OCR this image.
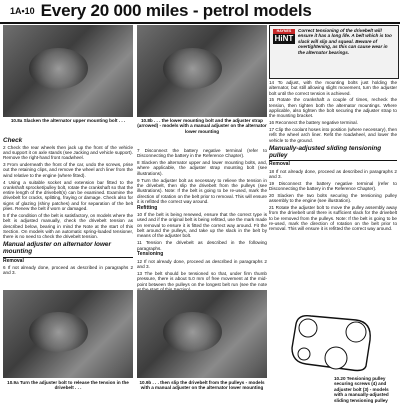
1A•10 Every 20 000 miles - petrol models
10.8a Slacken the alternator upper mounting bolt . . .	10.8b . . . the lower mounting bolt and the adjuster strap (arrowed) - models with a manual adjuster on the alternator lower mounting
HAYNES
HiNT
Correct tensioning of the drivebelt will ensure it has a long life. A belt which is too slack will slip and squeal. Beware of overtightening, as this can cause wear in the alternator bearings.
Check

2 Check the rear wheels then jack up the front of the vehicle and support it on axle stands (see Jacking and vehicle support). Remove the right-hand front roadwheel.

3 From underneath the front of the car, undo the screws, prise out the retaining clips, and remove the wheel arch liner from the wind relative to the engine (where fitted).

4 Using a suitable socket and extension bar fitted to the crankshaft sprocket/pulley bolt, rotate the crankshaft so that the entire length of the drivebelt(s) can be examined. Examine the drivebelt for cracks, splitting, fraying or damage. Check also for signs of glazing (shiny patches) and for separation of the belt plies. Renew the belt if worn or damaged.

5 If the condition of the belt is satisfactory, on models where the belt is adjusted manually, check the drivebelt tension as described below, bearing in mind the Note at the start of this Section. On models with an automatic spring-loaded tensioner, there is no need to check the drivebelt tension.

Manual adjuster on alternator lower mounting
Removal

6 If not already done, proceed as described in paragraphs 2 and 3.

7 Disconnect the battery negative terminal (refer to Disconnecting the battery in the Reference Chapter).

8 Slacken the alternator upper and lower mounting bolts, and, where applicable, the adjuster strap mounting bolt (see illustrations).

9 Turn the adjuster bolt as necessary to relieve the tension in the drivebelt, then slip the drivebelt from the pulleys (see illustrations). Note: If the belt is going to be re-used, mark the direction of rotation on the belt prior to removal. This will ensure it is refitted the correct way around.

Refitting

10 If the belt is being renewed, ensure that the correct type is used and if the original belt is being refitted, use the mark made on removal to ensure it is fitted the correct way around. Fit the belt around the pulleys, and take up the slack in the belt by means of the adjuster bolt.

11 Tension the drivebelt as described in the following paragraphs.

Tensioning

12 If not already done, proceed as described in paragraphs 2 and 3.

13 The belt should be tensioned so that, under firm thumb pressure, there is about 5.0 mm of free movement at the mid-point between the pulleys on the longest belt run (see the note

14 To adjust, with the mounting bolts just holding the alternator, but still allowing slight movement, turn the adjuster bolt until the correct tension is achieved.

15 Rotate the crankshaft a couple of times, recheck the tension, then tighten both the alternator mountings. Where applicable, also tighten the bolt securing the adjuster strap to the mounting bracket.

16 Reconnect the battery negative terminal.

17 Clip the coolant hoses into position (where necessary), then refit the wheel arch liner. Refit the roadwheel, and lower the vehicle to the ground.

Manually-adjusted sliding tensioning pulley
Removal

18 If not already done, proceed as described in paragraphs 2 and 3.

19 Disconnect the battery negative terminal (refer to Disconnecting the battery in the Reference Chapter).

20 Slacken the two bolts securing the tensioning pulley assembly to the engine (see illustration).

21 Rotate the adjuster bolt to move the pulley assembly away from the drivebelt until there is sufficient slack for the drivebelt to be removed from the pulleys. Note: If the belt is going to be re-used, mark the direction of rotation on the belt prior to removal. This will ensure it is refitted the correct way around.

10.9a Turn the adjuster bolt to release the tension in the drivebelt . . .
10.9b . . . then slip the drivebelt from the pulleys - models with a manual adjuster on the alternator lower mounting
10.20 Tensioning pulley securing screws (4) and adjuster bolt (3) - models with a manually-adjusted sliding tensioning pulley
